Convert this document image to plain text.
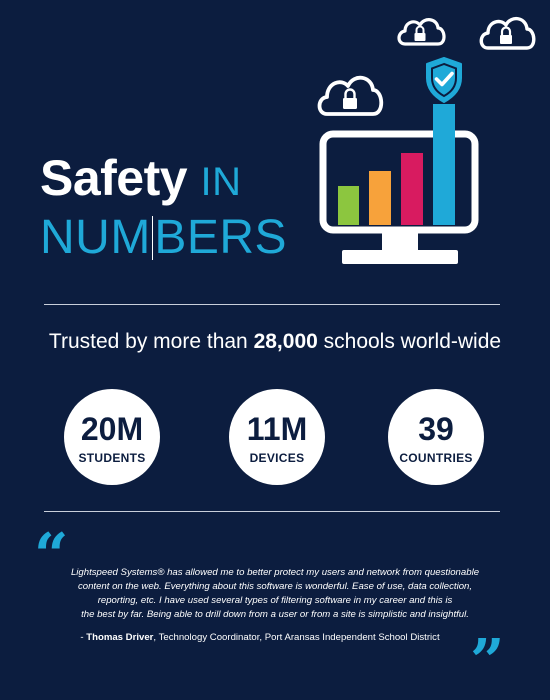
Safety IN
NUM BERS
Trusted by more than 28,000 schools world-wide
20M
STUDENTS
11M
DEVICES
39
COUNTRIES
“ Lightspeed Systems® has allowed me to better protect my users and network from questionable
content on the web. Everything about this software is wonderful. Ease of use, data collection,
reporting, etc. I have used several types of filtering software in my career and this is
the best by far. Being able to drill down from a user or from a site is simplistic and insightful.
- Thomas Driver, Technology Coordinator, Port Aransas Independent School District ”
